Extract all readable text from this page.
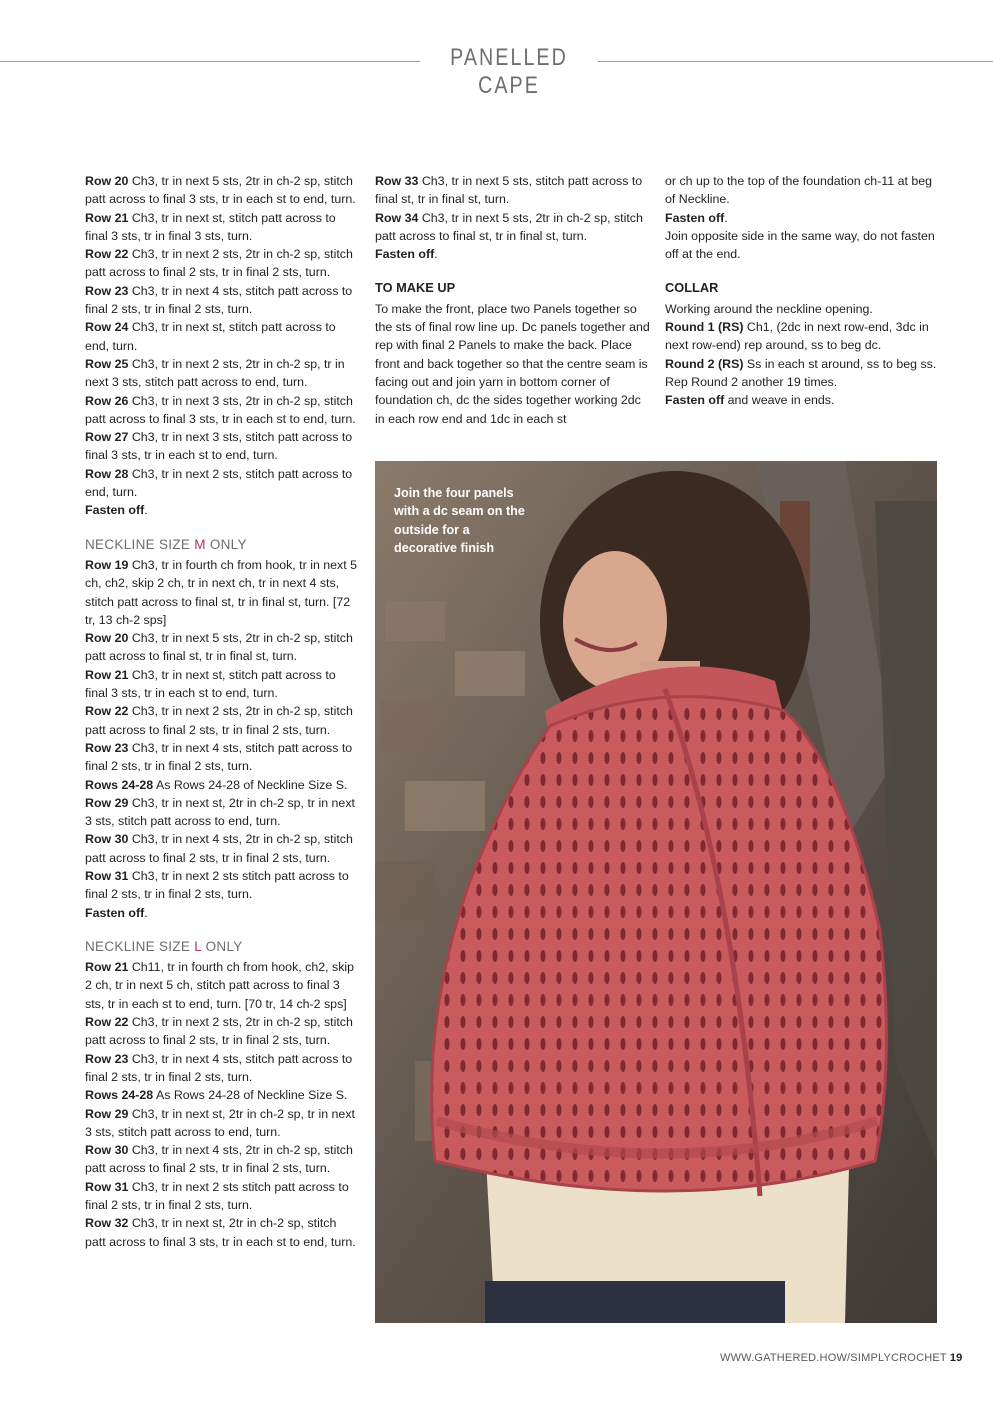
PANELLED CAPE

Row 20 Ch3, tr in next 5 sts, 2tr in ch-2 sp, stitch patt across to final 3 sts, tr in each st to end, turn.

Row 21 Ch3, tr in next st, stitch patt across to final 3 sts, tr in final 3 sts, turn.

Row 22 Ch3, tr in next 2 sts, 2tr in ch-2 sp, stitch patt across to final 2 sts, tr in final 2 sts, turn.

Row 23 Ch3, tr in next 4 sts, stitch patt across to final 2 sts, tr in final 2 sts, turn.

Row 24 Ch3, tr in next st, stitch patt across to end, turn.

Row 25 Ch3, tr in next 2 sts, 2tr in ch-2 sp, tr in next 3 sts, stitch patt across to end, turn.

Row 26 Ch3, tr in next 3 sts, 2tr in ch-2 sp, stitch patt across to final 3 sts, tr in each st to end, turn.

Row 27 Ch3, tr in next 3 sts, stitch patt across to final 3 sts, tr in each st to end, turn.

Row 28 Ch3, tr in next 2 sts, stitch patt across to end, turn.

Fasten off.

NECKLINE SIZE M ONLY

Row 19 Ch3, tr in fourth ch from hook, tr in next 5 ch, ch2, skip 2 ch, tr in next ch, tr in next 4 sts, stitch patt across to final st, tr in final st, turn. [72 tr, 13 ch-2 sps]

Row 20 Ch3, tr in next 5 sts, 2tr in ch-2 sp, stitch patt across to final st, tr in final st, turn.

Row 21 Ch3, tr in next st, stitch patt across to final 3 sts, tr in each st to end, turn.

Row 22 Ch3, tr in next 2 sts, 2tr in ch-2 sp, stitch patt across to final 2 sts, tr in final 2 sts, turn.

Row 23 Ch3, tr in next 4 sts, stitch patt across to final 2 sts, tr in final 2 sts, turn.

Rows 24-28 As Rows 24-28 of Neckline Size S.

Row 29 Ch3, tr in next st, 2tr in ch-2 sp, tr in next 3 sts, stitch patt across to end, turn.

Row 30 Ch3, tr in next 4 sts, 2tr in ch-2 sp, stitch patt across to final 2 sts, tr in final 2 sts, turn.

Row 31 Ch3, tr in next 2 sts stitch patt across to final 2 sts, tr in final 2 sts, turn.

Fasten off.

NECKLINE SIZE L ONLY

Row 21 Ch11, tr in fourth ch from hook, ch2, skip 2 ch, tr in next 5 ch, stitch patt across to final 3 sts, tr in each st to end, turn. [70 tr, 14 ch-2 sps]

Row 22 Ch3, tr in next 2 sts, 2tr in ch-2 sp, stitch patt across to final 2 sts, tr in final 2 sts, turn.

Row 23 Ch3, tr in next 4 sts, stitch patt across to final 2 sts, tr in final 2 sts, turn.

Rows 24-28 As Rows 24-28 of Neckline Size S.

Row 29 Ch3, tr in next st, 2tr in ch-2 sp, tr in next 3 sts, stitch patt across to end, turn.

Row 30 Ch3, tr in next 4 sts, 2tr in ch-2 sp, stitch patt across to final 2 sts, tr in final 2 sts, turn.

Row 31 Ch3, tr in next 2 sts stitch patt across to final 2 sts, tr in final 2 sts, turn.

Row 32 Ch3, tr in next st, 2tr in ch-2 sp, stitch patt across to final 3 sts, tr in each st to end, turn.

Row 33 Ch3, tr in next 5 sts, stitch patt across to final st, tr in final st, turn.

Row 34 Ch3, tr in next 5 sts, 2tr in ch-2 sp, stitch patt across to final st, tr in final st, turn.

Fasten off.

TO MAKE UP

To make the front, place two Panels together so the sts of final row line up. Dc panels together and rep with final 2 Panels to make the back. Place front and back together so that the centre seam is facing out and join yarn in bottom corner of foundation ch, dc the sides together working 2dc in each row end and 1dc in each st

or ch up to the top of the foundation ch-11 at beg of Neckline.

Fasten off.

Join opposite side in the same way, do not fasten off at the end.

COLLAR

Working around the neckline opening.

Round 1 (RS) Ch1, (2dc in next row-end, 3dc in next row-end) rep around, ss to beg dc.

Round 2 (RS) Ss in each st around, ss to beg ss.

Rep Round 2 another 19 times.

Fasten off and weave in ends.

Join the four panels with a dc seam on the outside for a decorative finish
WWW.GATHERED.HOW/SIMPLYCROCHET 19
